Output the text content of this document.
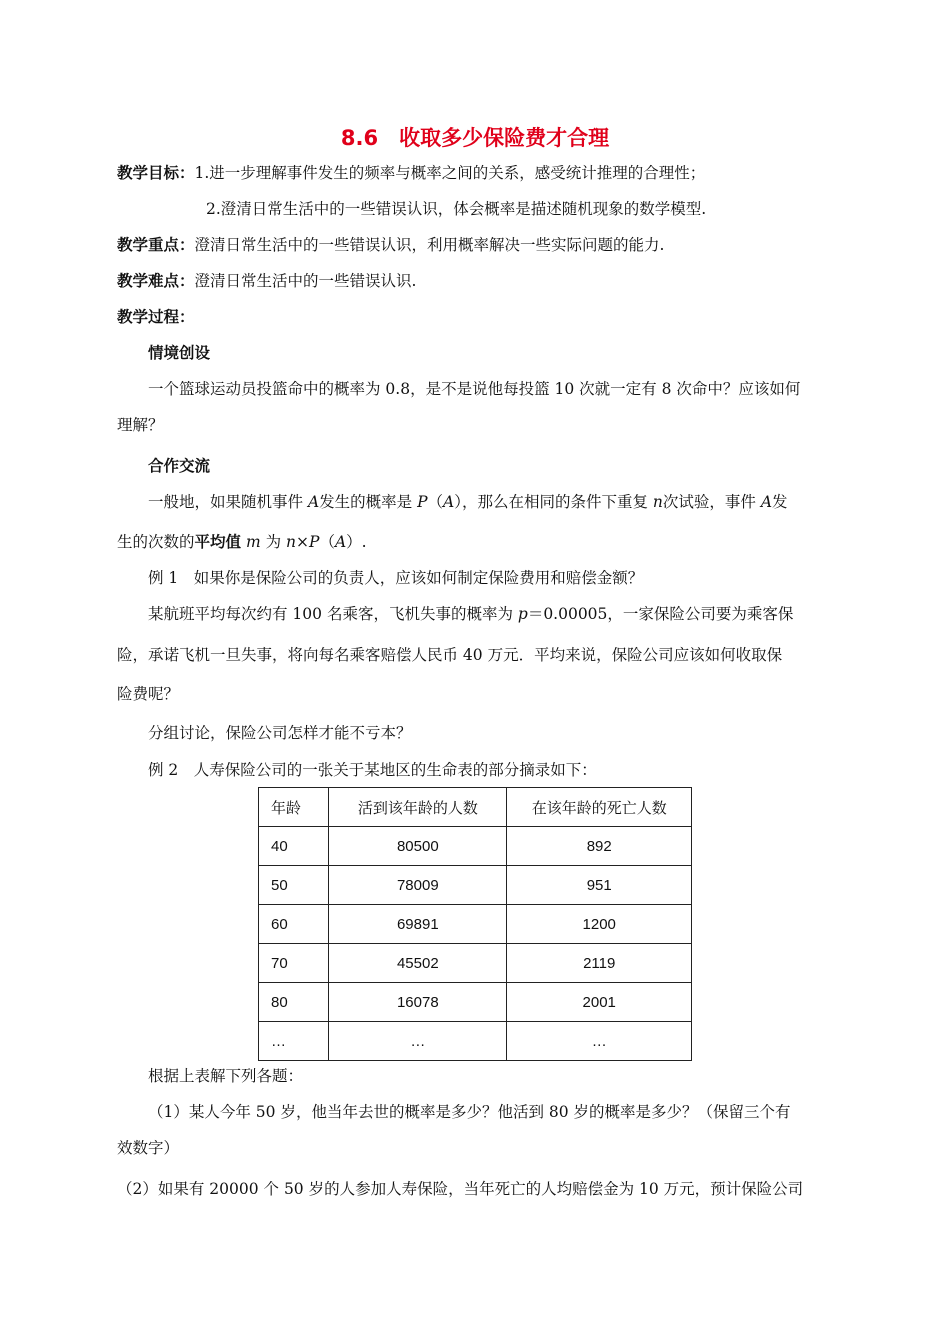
8.6　收取多少保险费才合理
教学目标：1.进一步理解事件发生的频率与概率之间的关系，感受统计推理的合理性；
2.澄清日常生活中的一些错误认识，体会概率是描述随机现象的数学模型.
教学重点：澄清日常生活中的一些错误认识，利用概率解决一些实际问题的能力.
教学难点：澄清日常生活中的一些错误认识.
教学过程：
情境创设
一个篮球运动员投篮命中的概率为 0.8，是不是说他每投篮 10 次就一定有 8 次命中？应该如何
理解？
合作交流
一般地，如果随机事件 A发生的概率是 P（A），那么在相同的条件下重复 n次试验，事件 A发
生的次数的平均值 m 为 n×P（A）.
例 1　如果你是保险公司的负责人，应该如何制定保险费用和赔偿金额？
某航班平均每次约有 100 名乘客，飞机失事的概率为 p＝0.00005，一家保险公司要为乘客保
险，承诺飞机一旦失事，将向每名乘客赔偿人民币 40 万元．平均来说，保险公司应该如何收取保
险费呢？
分组讨论，保险公司怎样才能不亏本？
例 2　人寿保险公司的一张关于某地区的生命表的部分摘录如下：
年龄	活到该年龄的人数	在该年龄的死亡人数
40	80500	892
50	78009	951
60	69891	1200
70	45502	2119
80	16078	2001
…	…	…
根据上表解下列各题：
（1）某人今年 50 岁，他当年去世的概率是多少？他活到 80 岁的概率是多少？（保留三个有
效数字）
（2）如果有 20000 个 50 岁的人参加人寿保险，当年死亡的人均赔偿金为 10 万元，预计保险公司
